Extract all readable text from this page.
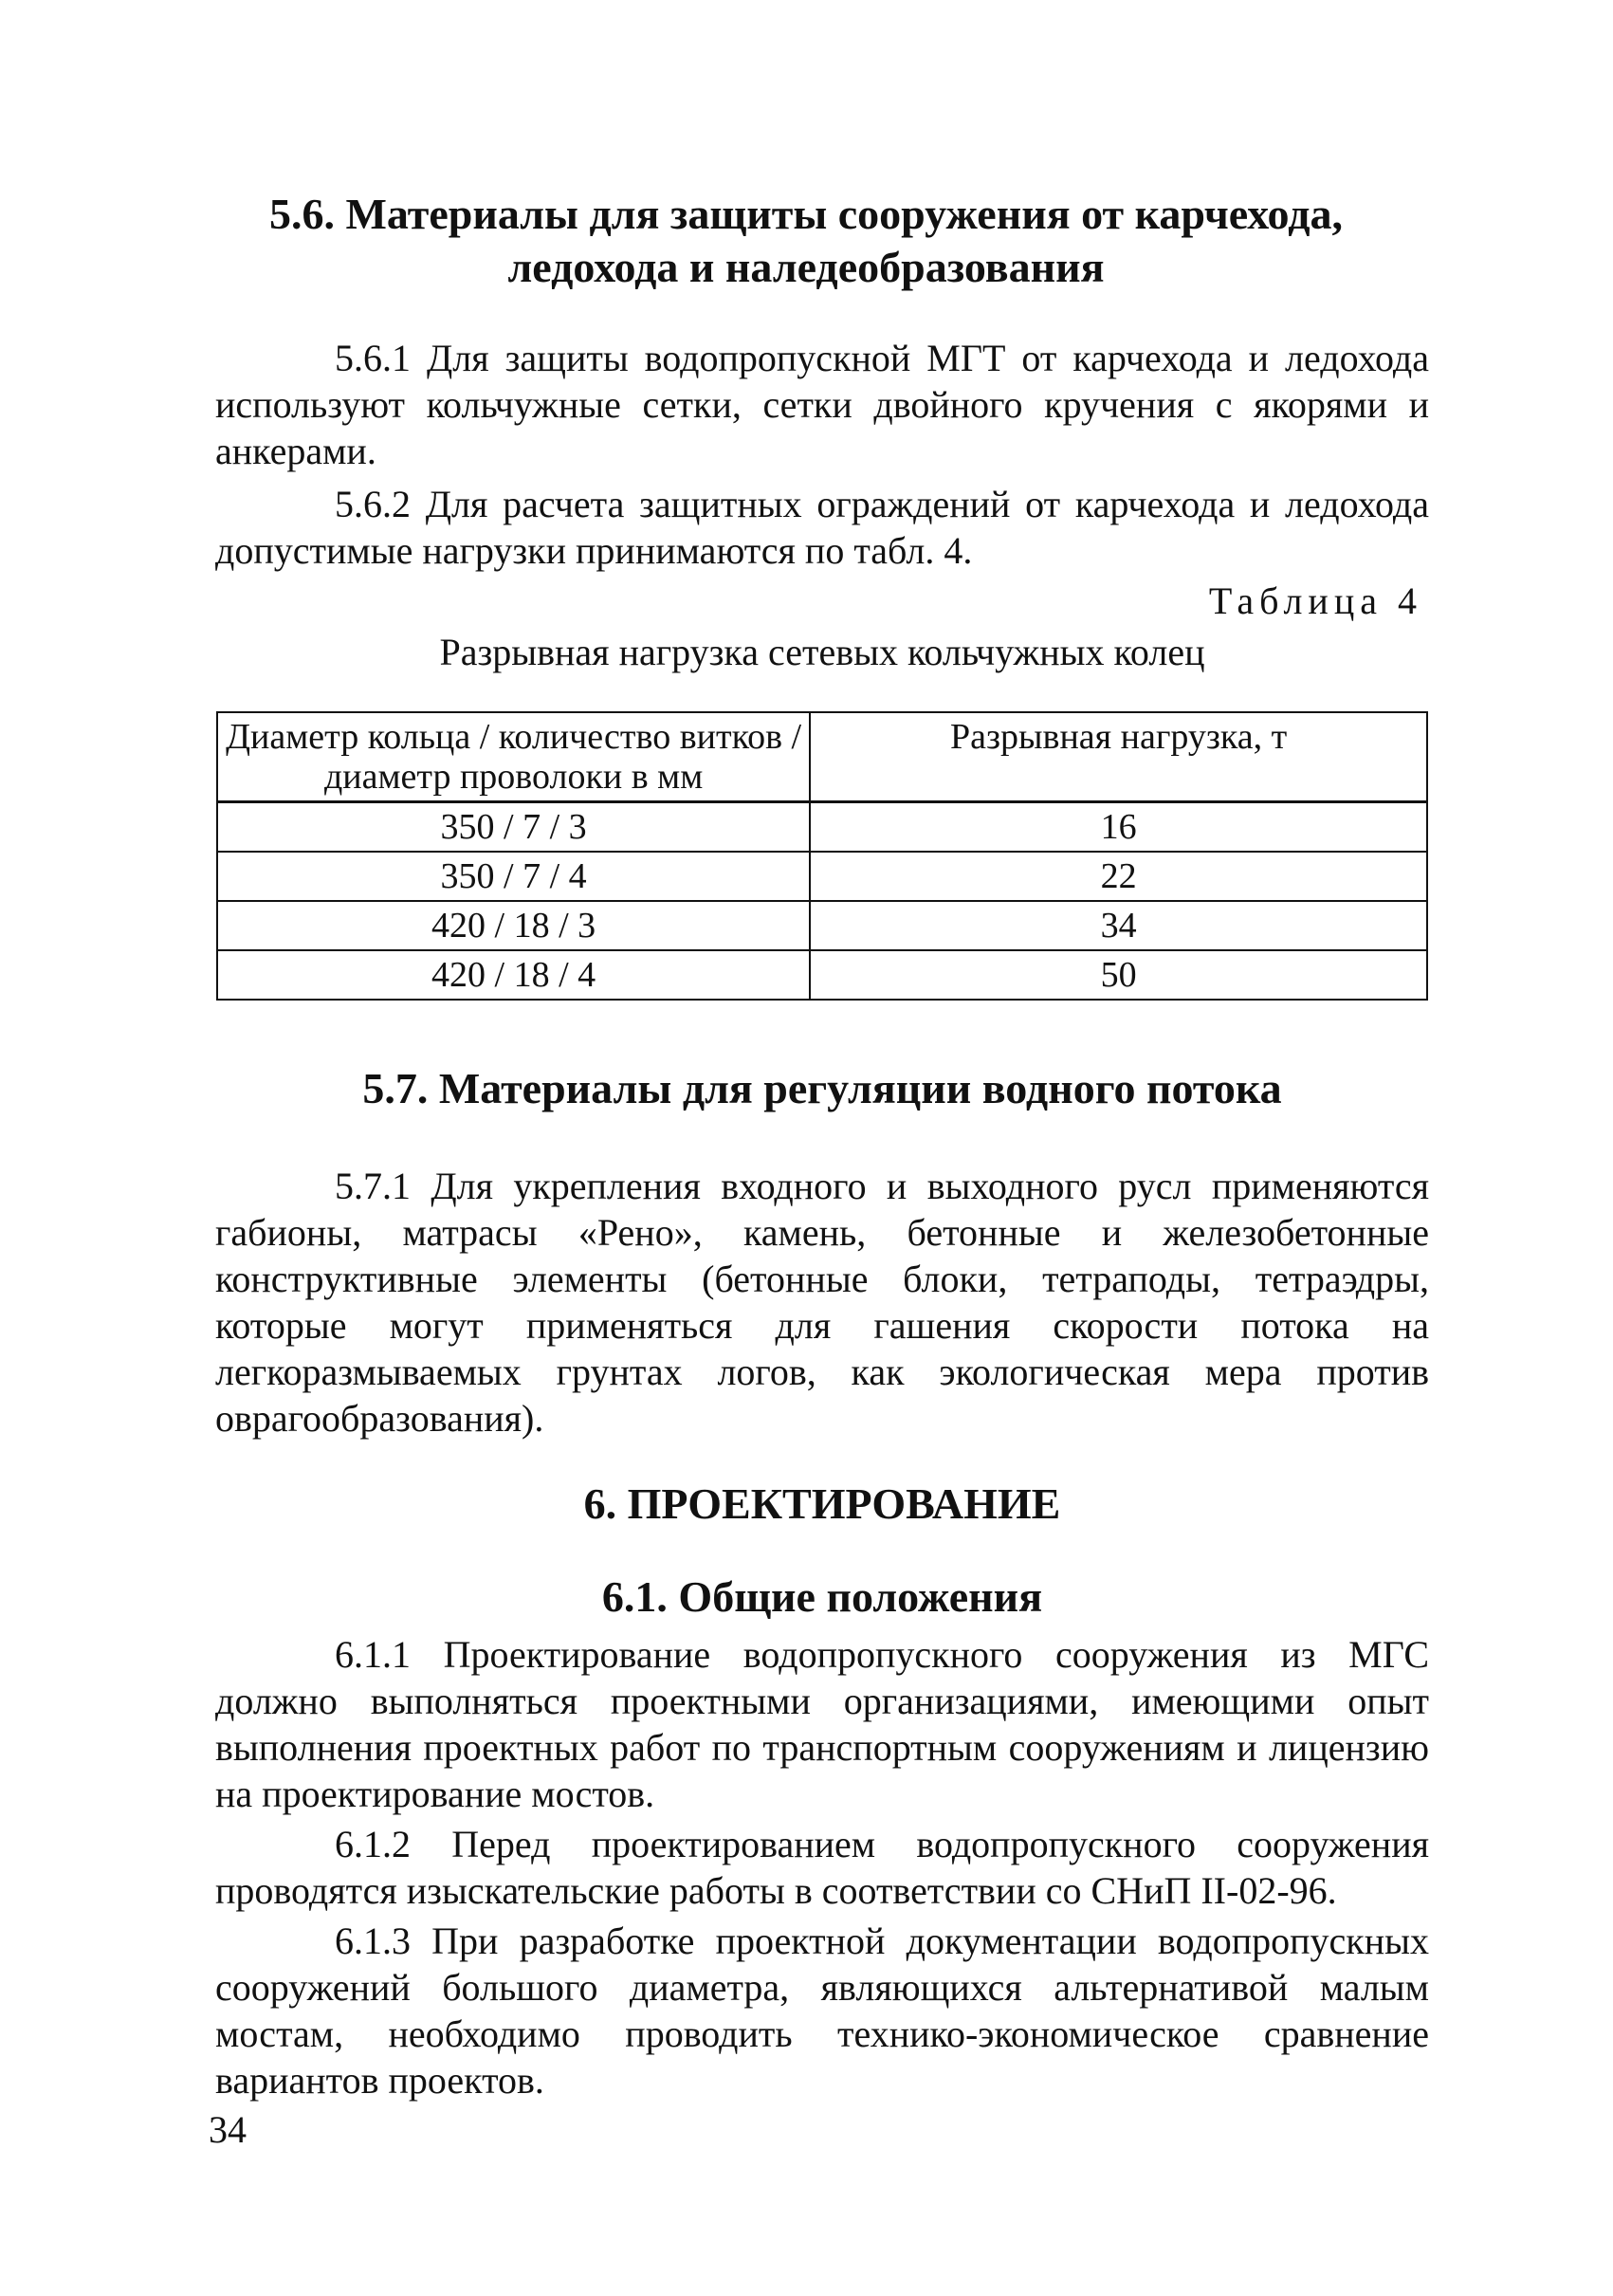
5.6. Материалы для защиты сооружения от карчехода,
ледохода и наледеобразования

5.6.1 Для защиты водопропускной МГТ от карчехода и ледохода используют кольчужные сетки, сетки двойного кручения с якорями и анкерами.

5.6.2 Для расчета защитных ограждений от карчехода и ледохода допустимые нагрузки принимаются по табл. 4.

Таблица 4
Разрывная нагрузка сетевых кольчужных колец
Диаметр кольца / количество витков /диаметр проволоки в мм	Разрывная нагрузка, т
350 / 7 / 3	16
350 / 7 / 4	22
420 / 18 / 3	34
420 / 18 / 4	50

5.7. Материалы для регуляции водного потока

5.7.1 Для укрепления входного и выходного русл применяются габионы, матрасы «Рено», камень, бетонные и железобетонные конструктивные элементы (бетонные блоки, тетраподы, тетраэдры, которые могут применяться для гашения скорости потока на легкоразмываемых грунтах логов, как экологическая мера против оврагообразования).

6. ПРОЕКТИРОВАНИЕ

6.1. Общие положения

6.1.1 Проектирование водопропускного сооружения из МГС должно выполняться проектными организациями, имеющими опыт выполнения проектных работ по транспортным сооружениям и лицензию на проектирование мостов.

6.1.2 Перед проектированием водопропускного сооружения проводятся изыскательские работы в соответствии со СНиП II-02-96.

6.1.3 При разработке проектной документации водопропускных сооружений большого диаметра, являющихся альтернативой малым мостам, необходимо проводить технико-экономическое сравнение вариантов проектов.

34
